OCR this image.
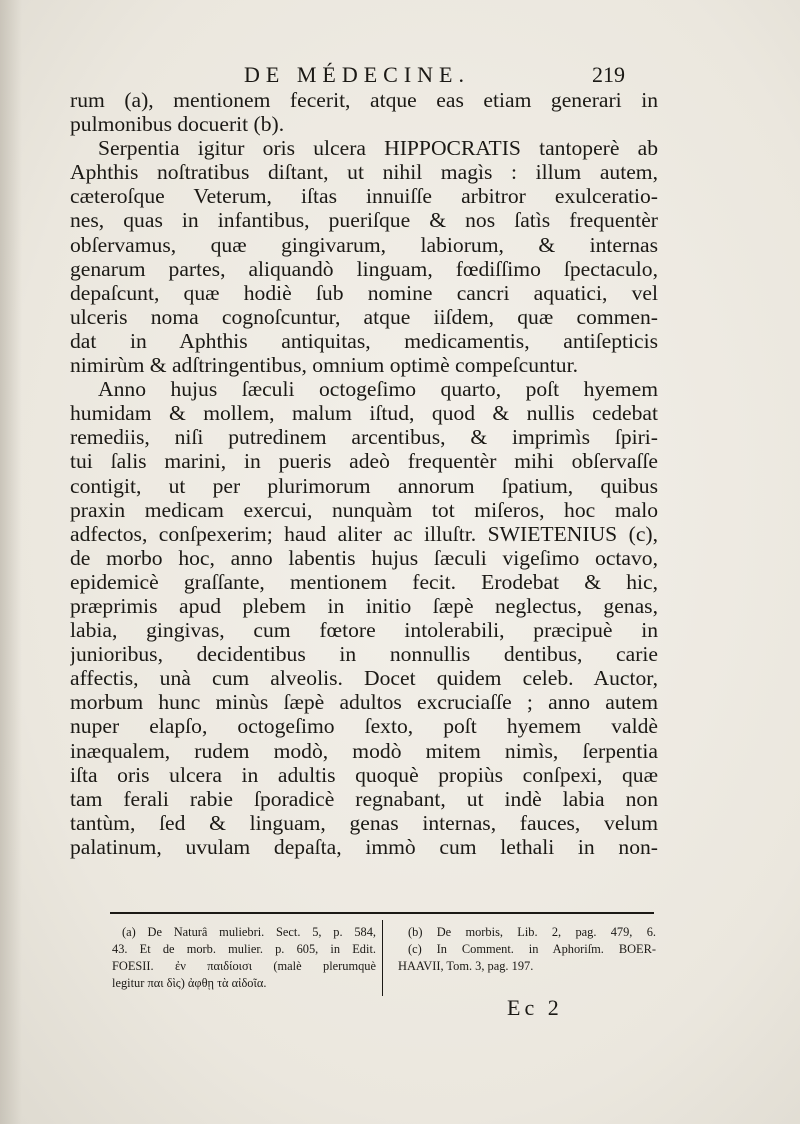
DE MÉDECINE.	219
rum (a), mentionem fecerit, atque eas etiam generari in
pulmonibus docuerit (b).
Serpentia igitur oris ulcera HIPPOCRATIS tantoperè ab
Aphthis noſtratibus diſtant, ut nihil magìs : illum autem,
cæteroſque Veterum, iſtas innuiſſe arbitror exulceratio-
nes, quas in infantibus, pueriſque & nos ſatìs frequentèr
obſervamus, quæ gingivarum, labiorum, & internas
genarum partes, aliquandò linguam, fœdiſſimo ſpectaculo,
depaſcunt, quæ hodiè ſub nomine cancri aquatici, vel
ulceris noma cognoſcuntur, atque iiſdem, quæ commen-
dat in Aphthis antiquitas, medicamentis, antiſepticis
nimirùm & adſtringentibus, omnium optimè compeſcuntur.
Anno hujus ſæculi octogeſimo quarto, poſt hyemem
humidam & mollem, malum iſtud, quod & nullis cedebat
remediis, niſi putredinem arcentibus, & imprimìs ſpiri-
tui ſalis marini, in pueris adeò frequentèr mihi obſervaſſe
contigit, ut per plurimorum annorum ſpatium, quibus
praxin medicam exercui, nunquàm tot miſeros, hoc malo
adfectos, conſpexerim; haud aliter ac illuſtr. SWIETENIUS (c),
de morbo hoc, anno labentis hujus ſæculi vigeſimo octavo,
epidemicè graſſante, mentionem fecit. Erodebat & hic,
præprimis apud plebem in initio ſæpè neglectus, genas,
labia, gingivas, cum fœtore intolerabili, præcipuè in
junioribus, decidentibus in nonnullis dentibus, carie
affectis, unà cum alveolis. Docet quidem celeb. Auctor,
morbum hunc minùs ſæpè adultos excruciaſſe ; anno autem
nuper elapſo, octogeſimo ſexto, poſt hyemem valdè
inæqualem, rudem modò, modò mitem nimìs, ſerpentia
iſta oris ulcera in adultis quoquè propiùs conſpexi, quæ
tam ferali rabie ſporadicè regnabant, ut indè labia non
tantùm, ſed & linguam, genas internas, fauces, velum
palatinum, uvulam depaſta, immò cum lethali in non-
(a) De Naturâ muliebri. Sect. 5, p. 584,
43. Et de morb. mulier. p. 605, in Edit.
FOESII. ἐν παιδίοισι (malè plerumquè
legitur παι δὶς) ἀφθῃ τὰ αἰδοῖα.
(b) De morbis, Lib. 2, pag. 479, 6.
(c) In Comment. in Aphoriſm. BOER-
HAAVII, Tom. 3, pag. 197.
Ec 2
